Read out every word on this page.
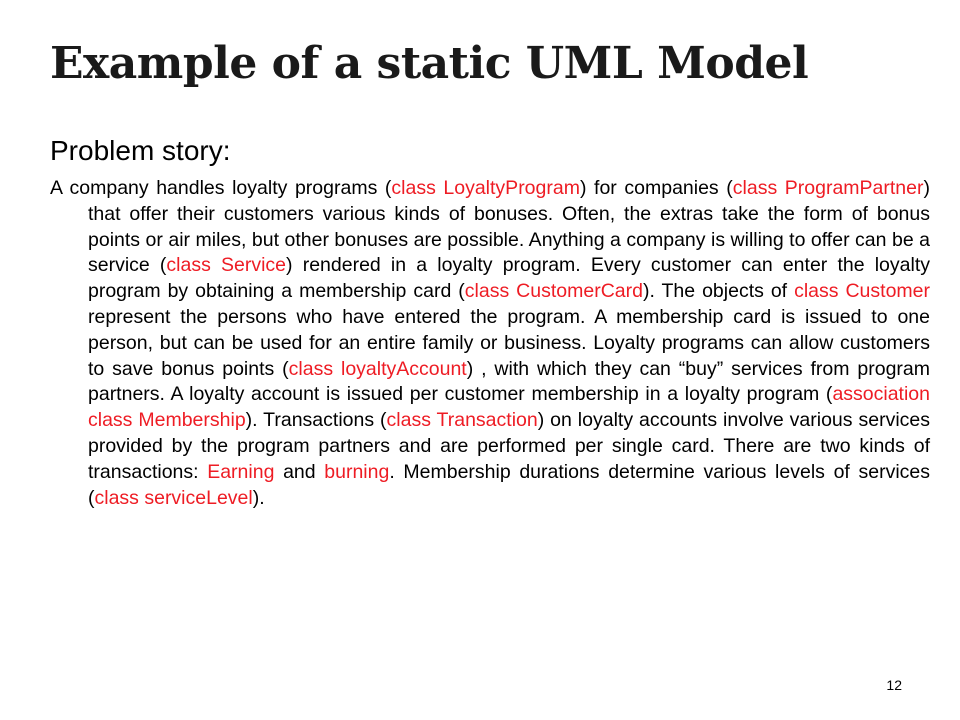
Example of a static UML Model
Problem story:

A company handles loyalty programs (class LoyaltyProgram) for companies (class ProgramPartner) that offer their customers various kinds of bonuses. Often, the extras take the form of bonus points or air miles, but other bonuses are possible. Anything a company is willing to offer can be a service (class Service) rendered in a loyalty program. Every customer can enter the loyalty program by obtaining a membership card (class CustomerCard). The objects of class Customer represent the persons who have entered the program. A membership card is issued to one person, but can be used for an entire family or business. Loyalty programs can allow customers to save bonus points (class loyaltyAccount) , with which they can “buy” services from program partners. A loyalty account is issued per customer membership in a loyalty program (association class Membership). Transactions (class Transaction) on loyalty accounts involve various services provided by the program partners and are performed per single card. There are two kinds of transactions: Earning and burning. Membership durations determine various levels of services (class serviceLevel).

12
